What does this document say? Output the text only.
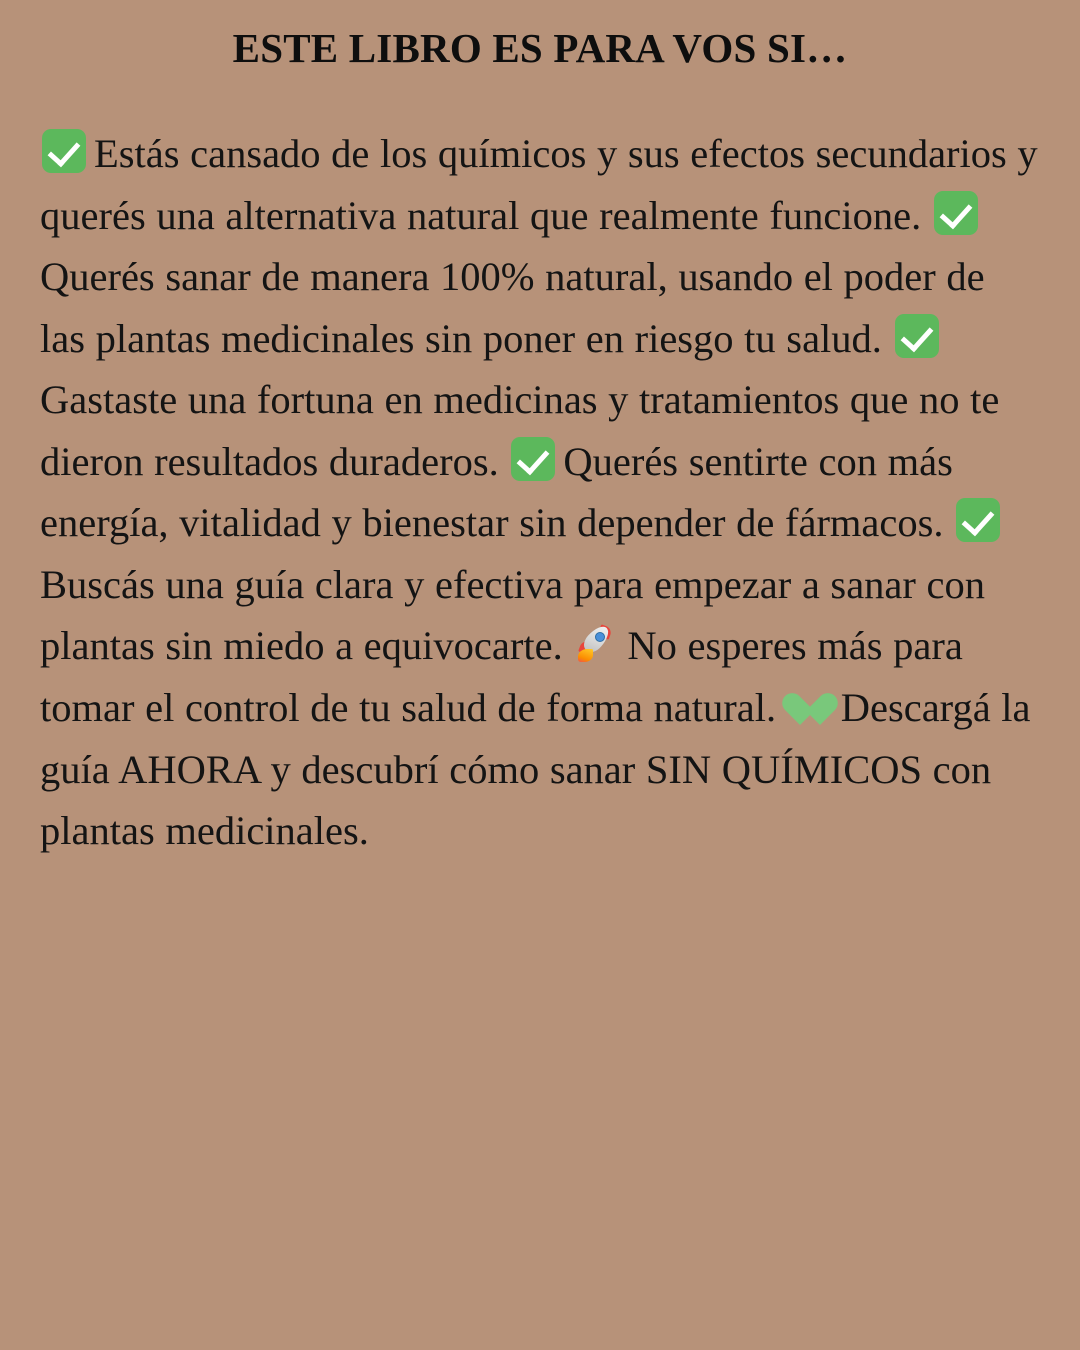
ESTE LIBRO ES PARA VOS SI…
Estás cansado de los químicos y sus efectos secundarios y querés una alternativa natural que realmente funcione. Querés sanar de manera 100% natural, usando el poder de las plantas medicinales sin poner en riesgo tu salud. Gastaste una fortuna en medicinas y tratamientos que no te dieron resultados duraderos. Querés sentirte con más energía, vitalidad y bienestar sin depender de fármacos. Buscás una guía clara y efectiva para empezar a sanar con plantas sin miedo a equivocarte. No esperes más para tomar el control de tu salud de forma natural. Descargá la guía AHORA y descubrí cómo sanar SIN QUÍMICOS con plantas medicinales.
